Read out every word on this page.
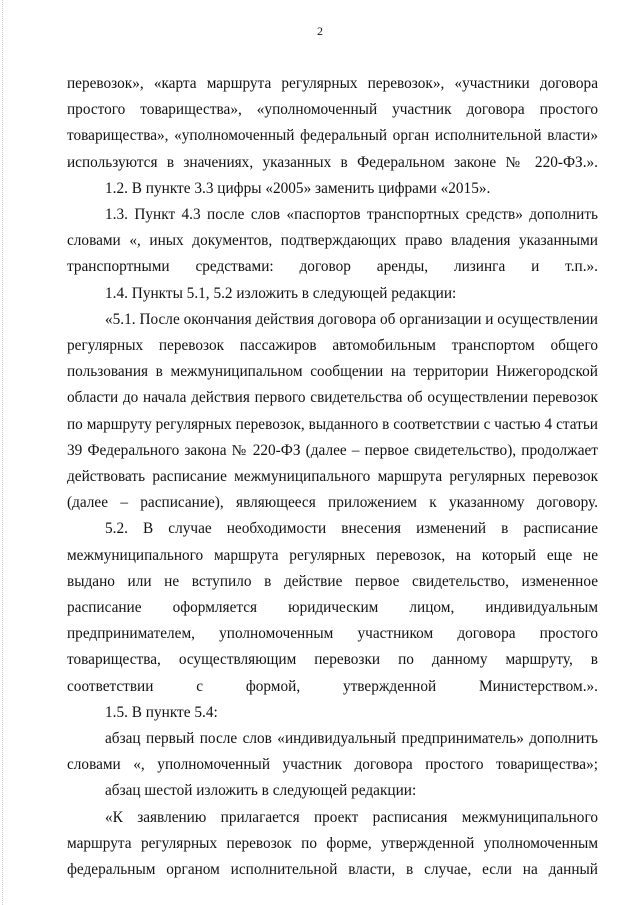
2

перевозок», «карта маршрута регулярных перевозок», «участники договора
простого товарищества», «уполномоченный участник договора простого
товарищества», «уполномоченный федеральный орган исполнительной власти»
используются в значениях, указанных в Федеральном законе № 220-ФЗ.».

1.2. В пункте 3.3 цифры «2005» заменить цифрами «2015».

1.3. Пункт 4.3 после слов «паспортов транспортных средств» дополнить
словами «, иных документов, подтверждающих право владения указанными
транспортными средствами: договор аренды, лизинга и т.п.».

1.4. Пункты 5.1, 5.2 изложить в следующей редакции:

«5.1. После окончания действия договора об организации и осуществлении
регулярных перевозок пассажиров автомобильным транспортом общего
пользования в межмуниципальном сообщении на территории Нижегородской
области до начала действия первого свидетельства об осуществлении перевозок
по маршруту регулярных перевозок, выданного в соответствии с частью 4 статьи
39 Федерального закона № 220-ФЗ (далее – первое свидетельство), продолжает
действовать расписание межмуниципального маршрута регулярных перевозок
(далее – расписание), являющееся приложением к указанному договору.

5.2. В случае необходимости внесения изменений в расписание
межмуниципального маршрута регулярных перевозок, на который еще не
выдано или не вступило в действие первое свидетельство, измененное
расписание оформляется юридическим лицом, индивидуальным
предпринимателем, уполномоченным участником договора простого
товарищества, осуществляющим перевозки по данному маршруту, в
соответствии с формой, утвержденной Министерством.».

1.5. В пункте 5.4:

абзац первый после слов «индивидуальный предприниматель» дополнить
словами «, уполномоченный участник договора простого товарищества»;

абзац шестой изложить в следующей редакции:

«К заявлению прилагается проект расписания межмуниципального
маршрута регулярных перевозок по форме, утвержденной уполномоченным
федеральным органом исполнительной власти, в случае, если на данный
